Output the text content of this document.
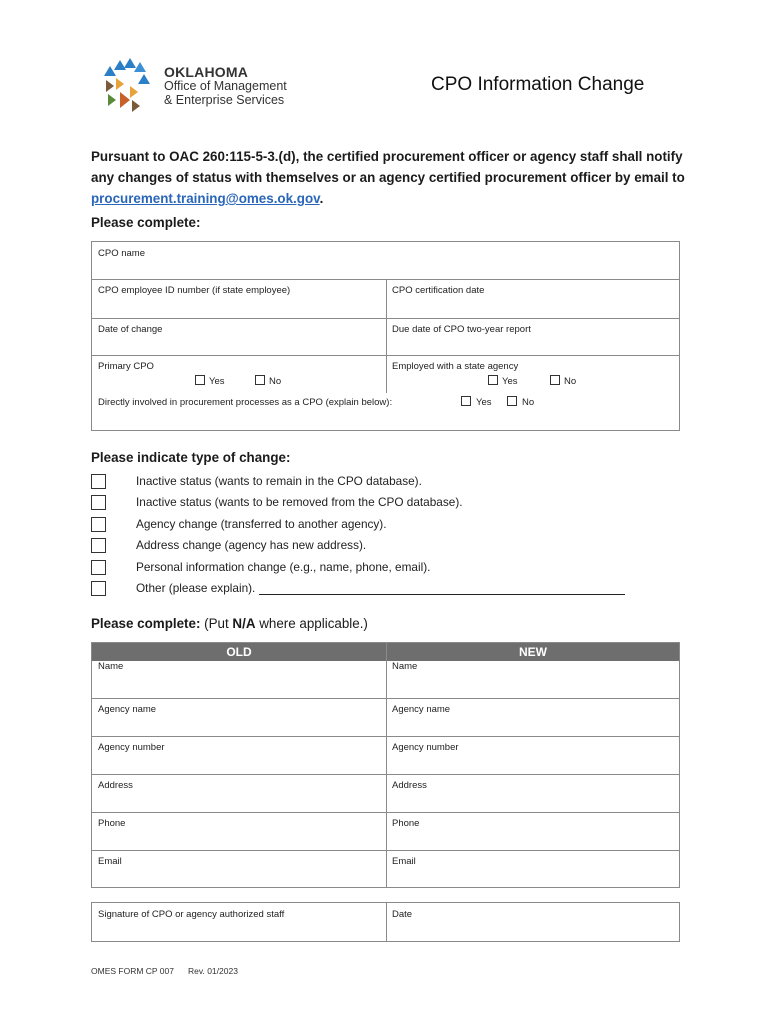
OKLAHOMA
Office of Management
& Enterprise Services
CPO Information Change
Pursuant to OAC 260:115-5-3.(d), the certified procurement officer or agency staff shall notify any changes of status with themselves or an agency certified procurement officer by email to procurement.training@omes.ok.gov.
Please complete:
CPO name
CPO employee ID number (if state employee)	CPO certification date
Date of change	Due date of CPO two-year report
Primary CPO	Employed with a state agency
Yes	No	Yes	No
Directly involved in procurement processes as a CPO (explain below):	Yes	No
Please indicate type of change:
Inactive status (wants to remain in the CPO database).
Inactive status (wants to be removed from the CPO database).
Agency change (transferred to another agency).
Address change (agency has new address).
Personal information change (e.g., name, phone, email).
Other (please explain).
Please complete: (Put N/A where applicable.)
OLD	NEW
Name	Name
Agency name	Agency name
Agency number	Agency number
Address	Address
Phone	Phone
Email	Email
Signature of CPO or agency authorized staff	Date
OMES FORM CP 007 Rev. 01/2023
